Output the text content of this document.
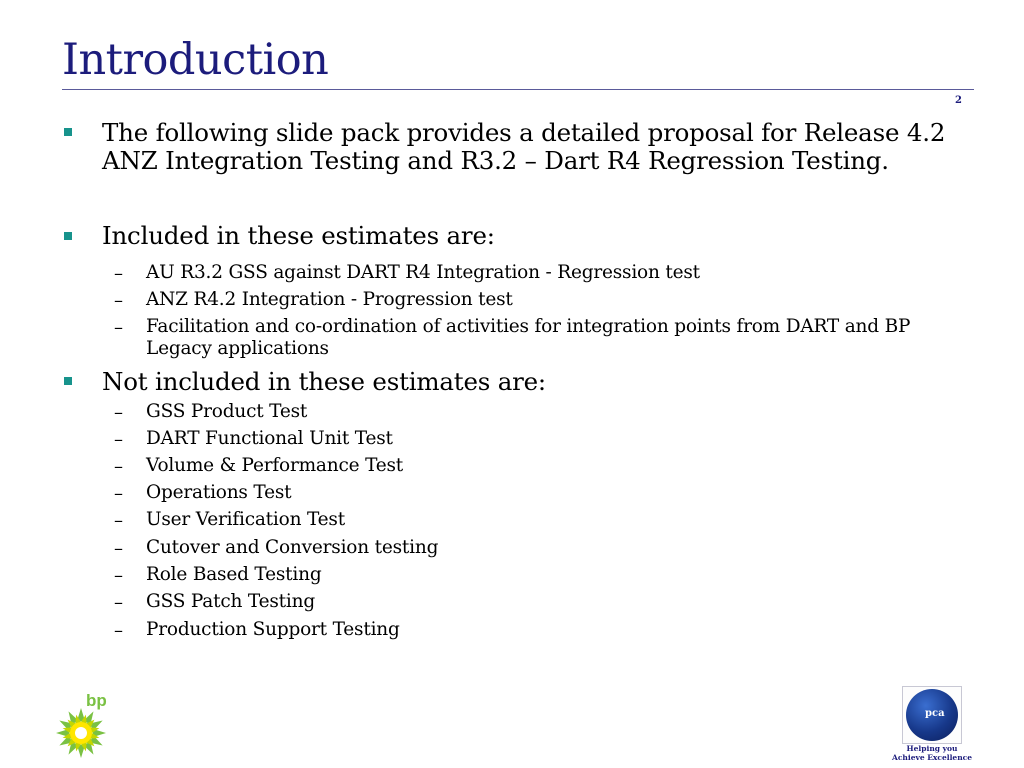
Introduction
2
The following slide pack provides a detailed proposal for Release 4.2 ANZ Integration Testing and R3.2 – Dart R4 Regression Testing.
Included in these estimates are:
– AU R3.2 GSS against DART R4 Integration - Regression test
– ANZ R4.2 Integration - Progression test
– Facilitation and co-ordination of activities for integration points from DART and BP Legacy applications
Not included in these estimates are:
– GSS Product Test
– DART Functional Unit Test
– Volume & Performance Test
– Operations Test
– User Verification Test
– Cutover and Conversion testing
– Role Based Testing
– GSS Patch Testing
– Production Support Testing
bp
pca
Helping you Achieve Excellence
